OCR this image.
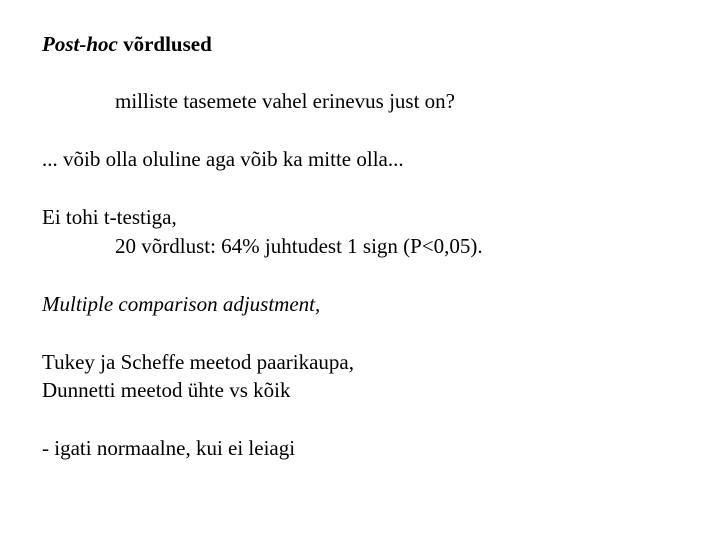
Post-hoc võrdlused
milliste tasemete vahel erinevus just on?
... võib olla oluline aga võib ka mitte olla...
Ei tohi t-testiga,
20 võrdlust: 64% juhtudest 1 sign (P<0,05).
Multiple comparison adjustment,
Tukey ja Scheffe meetod paarikaupa,
Dunnetti meetod ühte vs kõik
- igati normaalne, kui ei leiagi
